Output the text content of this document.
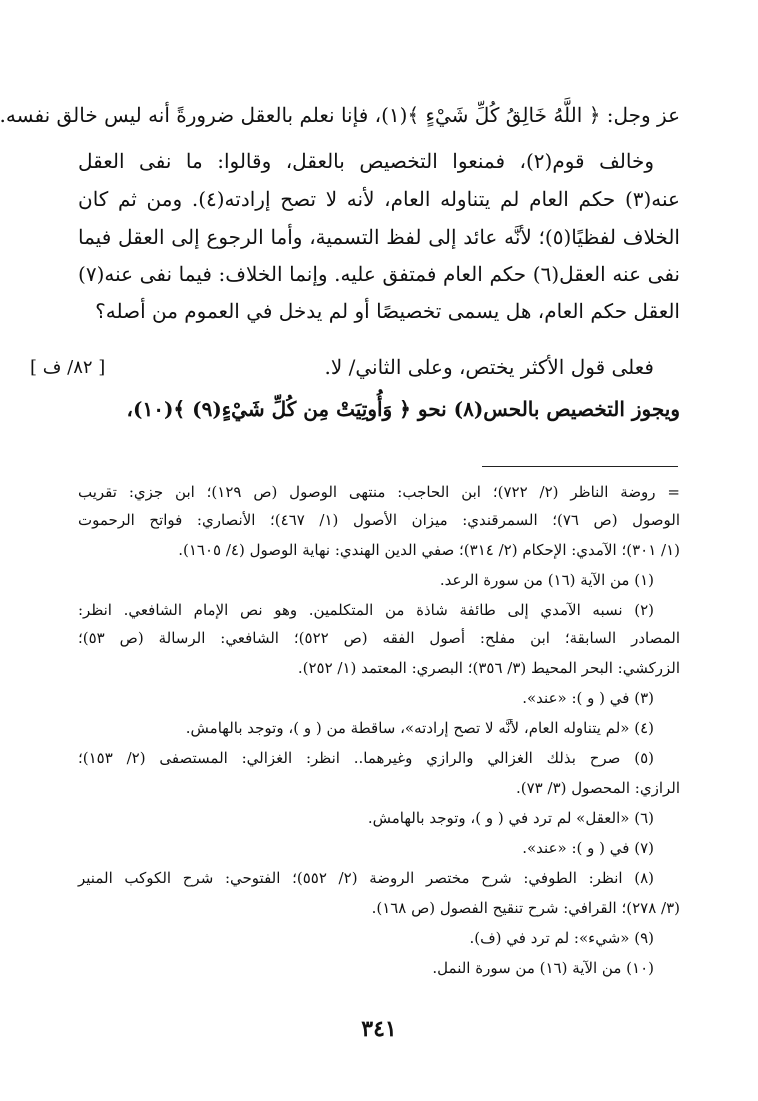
عز وجل: ﴿ اللَّهُ خَالِقُ كُلِّ شَيْءٍ ﴾(١)، فإنا نعلم بالعقل ضرورةً أنه ليس خالق نفسه.
وخالف قوم(٢)، فمنعوا التخصيص بالعقل، وقالوا: ما نفى العقل
عنه(٣) حكم العام لم يتناوله العام، لأنه لا تصح إرادته(٤). ومن ثم كان
الخلاف لفظيًا(٥)؛ لأنَّه عائد إلى لفظ التسمية، وأما الرجوع إلى العقل فيما
نفى عنه العقل(٦) حكم العام فمتفق عليه. وإنما الخلاف: فيما نفى عنه(٧)
العقل حكم العام، هل يسمى تخصيصًا أو لم يدخل في العموم من أصله؟
فعلى قول الأكثر يختص، وعلى الثاني/ لا.
ويجوز التخصيص بالحس(٨) نحو ﴿ وَأُوتِيَتْ مِن كُلِّ شَيْءٍ(٩) ﴾(١٠)،
[ ٨٢/ ف ]
= روضة الناظر (٢/ ٧٢٢)؛ ابن الحاجب: منتهى الوصول (ص ١٢٩)؛ ابن جزي: تقريب
الوصول (ص ٧٦)؛ السمرقندي: ميزان الأصول (١/ ٤٦٧)؛ الأنصاري: فواتح الرحموت
(١/ ٣٠١)؛ الآمدي: الإحكام (٢/ ٣١٤)؛ صفي الدين الهندي: نهاية الوصول (٤/ ١٦٠٥).
(١) من الآية (١٦) من سورة الرعد.
(٢) نسبه الآمدي إلى طائفة شاذة من المتكلمين. وهو نص الإمام الشافعي. انظر:
المصادر السابقة؛ ابن مفلح: أصول الفقه (ص ٥٢٢)؛ الشافعي: الرسالة (ص ٥٣)؛
الزركشي: البحر المحيط (٣/ ٣٥٦)؛ البصري: المعتمد (١/ ٢٥٢).
(٣) في ( و ): «عند».
(٤) «لم يتناوله العام، لأنَّه لا تصح إرادته»، ساقطة من ( و )، وتوجد بالهامش.
(٥) صرح بذلك الغزالي والرازي وغيرهما.. انظر: الغزالي: المستصفى (٢/ ١٥٣)؛
الرازي: المحصول (٣/ ٧٣).
(٦) «العقل» لم ترد في ( و )، وتوجد بالهامش.
(٧) في ( و ): «عند».
(٨) انظر: الطوفي: شرح مختصر الروضة (٢/ ٥٥٢)؛ الفتوحي: شرح الكوكب المنير
(٣/ ٢٧٨)؛ القرافي: شرح تنقيح الفصول (ص ١٦٨).
(٩) «شيء»: لم ترد في (ف).
(١٠) من الآية (١٦) من سورة النمل.
٣٤١
